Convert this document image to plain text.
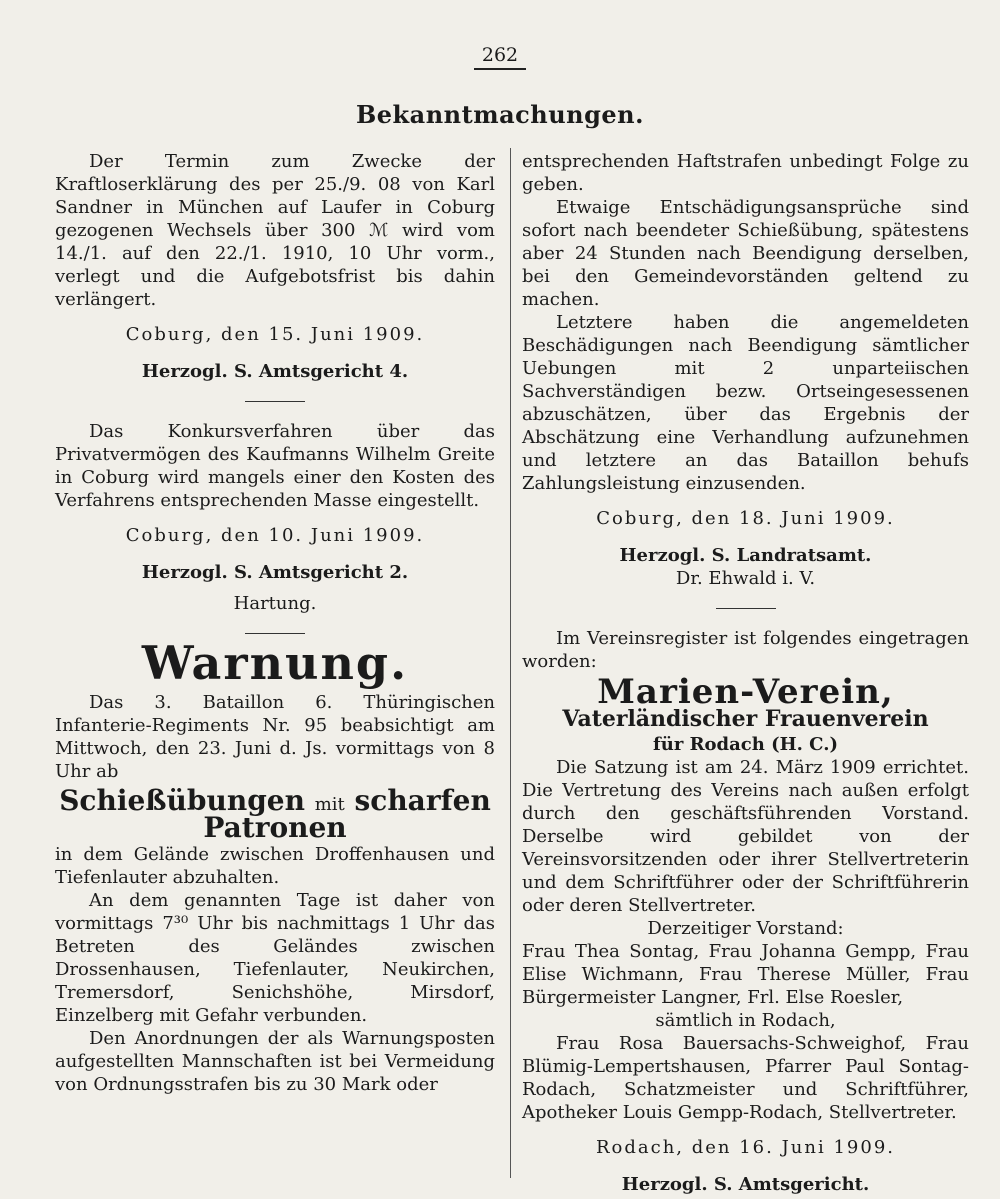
262
Bekanntmachungen.

Der Termin zum Zwecke der Kraftloserklärung des per 25./9. 08 von Karl Sandner in München auf Laufer in Coburg gezogenen Wechsels über 300 ℳ wird vom 14./1. auf den 22./1. 1910, 10 Uhr vorm., verlegt und die Aufgebotsfrist bis dahin verlängert.

Coburg, den 15. Juni 1909.

Herzogl. S. Amtsgericht 4.

Das Konkursverfahren über das Privatvermögen des Kaufmanns Wilhelm Greite in Coburg wird mangels einer den Kosten des Verfahrens entsprechenden Masse eingestellt.

Coburg, den 10. Juni 1909.

Herzogl. S. Amtsgericht 2.

Hartung.

Warnung.

Das 3. Bataillon 6. Thüringischen Infanterie-Regiments Nr. 95 beabsichtigt am Mittwoch, den 23. Juni d. Js. vormittags von 8 Uhr ab

Schießübungen mit scharfen Patronen

in dem Gelände zwischen Droffenhausen und Tiefenlauter abzuhalten.

An dem genannten Tage ist daher von vormittags 7³⁰ Uhr bis nachmittags 1 Uhr das Betreten des Geländes zwischen Drossenhausen, Tiefenlauter, Neukirchen, Tremersdorf, Senichshöhe, Mirsdorf, Einzelberg mit Gefahr verbunden.

Den Anordnungen der als Warnungsposten aufgestellten Mannschaften ist bei Vermeidung von Ordnungsstrafen bis zu 30 Mark oder

entsprechenden Haftstrafen unbedingt Folge zu geben.

Etwaige Entschädigungsansprüche sind sofort nach beendeter Schießübung, spätestens aber 24 Stunden nach Beendigung derselben, bei den Gemeindevorständen geltend zu machen.

Letztere haben die angemeldeten Beschädigungen nach Beendigung sämtlicher Uebungen mit 2 unparteiischen Sachverständigen bezw. Ortseingesessenen abzuschätzen, über das Ergebnis der Abschätzung eine Verhandlung aufzunehmen und letztere an das Bataillon behufs Zahlungsleistung einzusenden.

Coburg, den 18. Juni 1909.

Herzogl. S. Landratsamt.

Dr. Ehwald i. V.

Im Vereinsregister ist folgendes eingetragen worden:

Marien-Verein,
Vaterländischer Frauenverein

für Rodach (H. C.)

Die Satzung ist am 24. März 1909 errichtet. Die Vertretung des Vereins nach außen erfolgt durch den geschäftsführenden Vorstand. Derselbe wird gebildet von der Vereinsvorsitzenden oder ihrer Stellvertreterin und dem Schriftführer oder der Schriftführerin oder deren Stellvertreter.

Derzeitiger Vorstand:

Frau Thea Sontag, Frau Johanna Gempp, Frau Elise Wichmann, Frau Therese Müller, Frau Bürgermeister Langner, Frl. Else Roesler,

sämtlich in Rodach,

Frau Rosa Bauersachs-Schweighof, Frau Blümig-Lempertshausen, Pfarrer Paul Sontag-Rodach, Schatzmeister und Schriftführer, Apotheker Louis Gempp-Rodach, Stellvertreter.

Rodach, den 16. Juni 1909.

Herzogl. S. Amtsgericht.
